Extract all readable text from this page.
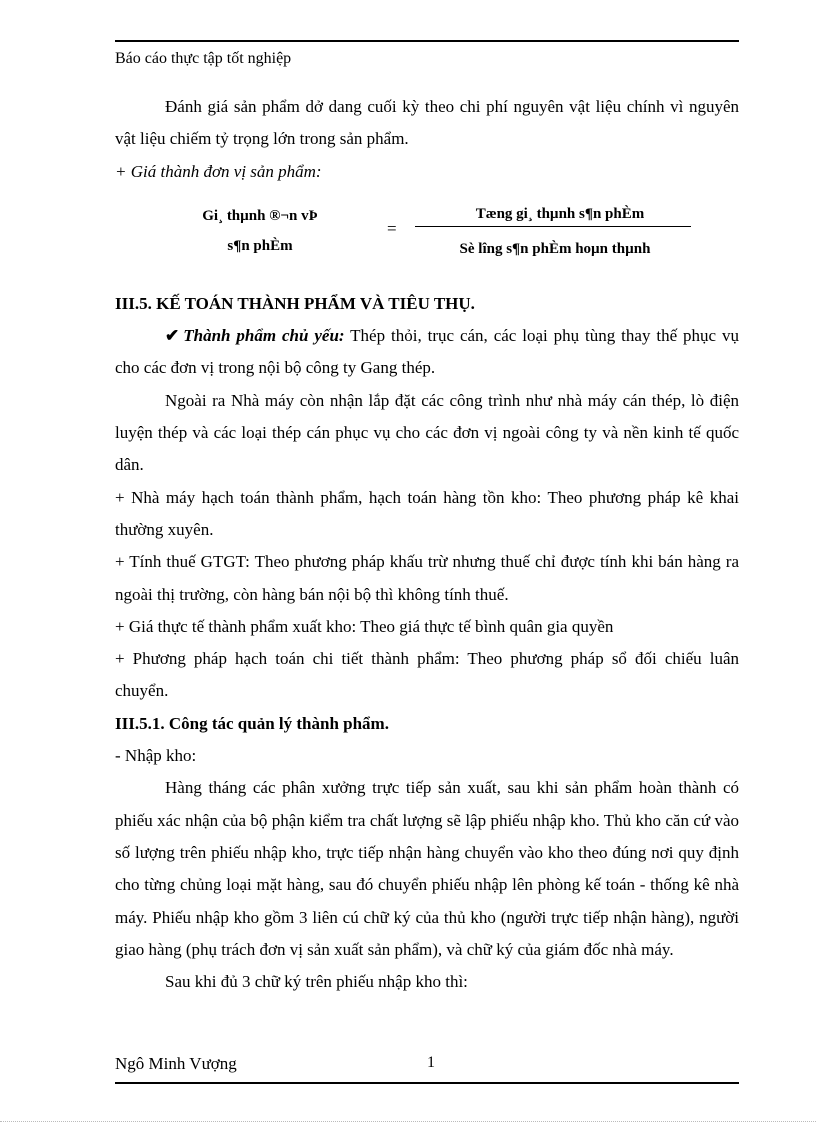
Báo cáo thực tập tốt nghiệp

Đánh giá sản phẩm dở dang cuối kỳ theo chi phí nguyên vật liệu chính vì nguyên vật liệu chiếm tỷ trọng lớn trong sản phẩm.

+ Giá thành đơn vị sản phẩm:

Gi¸ thµnh ®¬n vÞ
s¶n phÈm
=
Tæng gi¸ thµnh s¶n phÈm
Sè lîng s¶n phÈm hoµn thµnh

III.5. KẾ TOÁN THÀNH PHẨM VÀ TIÊU THỤ.

✔ Thành phẩm chủ yếu: Thép thỏi, trục cán, các loại phụ tùng thay thế phục vụ cho các đơn vị trong nội bộ công ty Gang thép.

Ngoài ra Nhà máy còn nhận lắp đặt các công trình như nhà máy cán thép, lò điện luyện thép và các loại thép cán phục vụ cho các đơn vị ngoài công ty và nền kinh tế quốc dân.

+ Nhà máy hạch toán thành phẩm, hạch toán hàng tồn kho: Theo phương pháp kê khai thường xuyên.

+ Tính thuế GTGT: Theo phương pháp khấu trừ nhưng thuế chỉ được tính khi bán hàng ra ngoài thị trường, còn hàng bán nội bộ thì không tính thuế.

+ Giá thực tế thành phẩm xuất kho: Theo giá thực tế bình quân gia quyền

+ Phương pháp hạch toán chi tiết thành phẩm: Theo phương pháp sổ đối chiếu luân chuyển.

III.5.1. Công tác quản lý thành phẩm.

- Nhập kho:

Hàng tháng các phân xưởng trực tiếp sản xuất, sau khi sản phẩm hoàn thành có phiếu xác nhận của bộ phận kiểm tra chất lượng sẽ lập phiếu nhập kho. Thủ kho căn cứ vào số lượng trên phiếu nhập kho, trực tiếp nhận hàng chuyển vào kho theo đúng nơi quy định cho từng chủng loại mặt hàng, sau đó chuyển phiếu nhập lên phòng kế toán - thống kê nhà máy. Phiếu nhập kho gồm 3 liên cú chữ ký của thủ kho (người trực tiếp nhận hàng), người giao hàng (phụ trách đơn vị sản xuất sản phẩm), và chữ ký của giám đốc nhà máy.

Sau khi đủ 3 chữ ký trên phiếu nhập kho thì:

Ngô Minh Vượng	1
